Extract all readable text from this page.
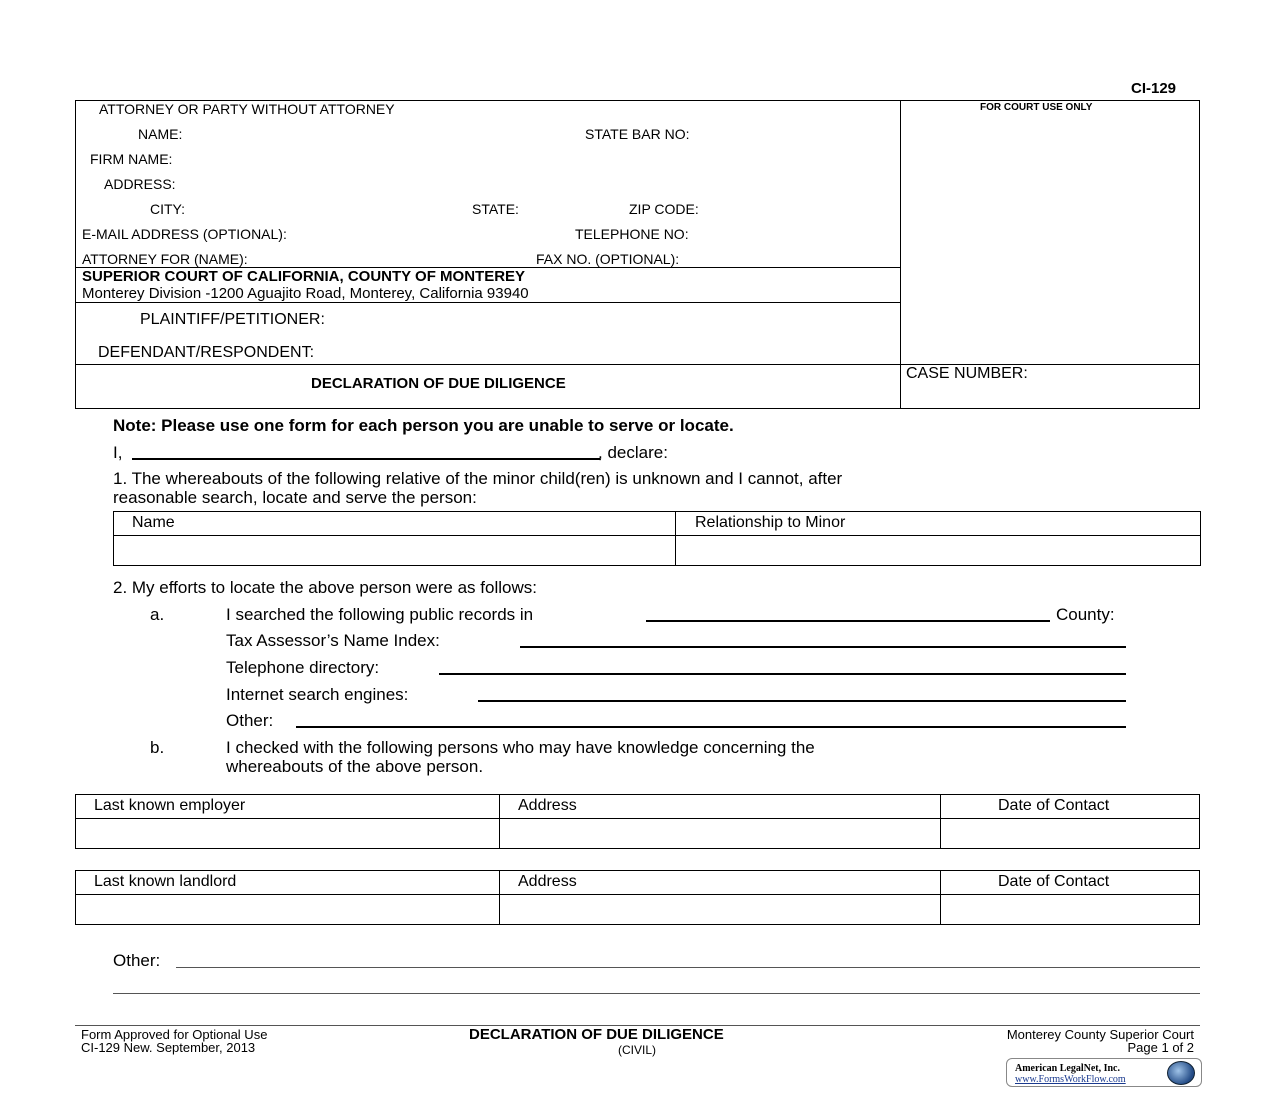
CI-129
FOR COURT USE ONLY
ATTORNEY OR PARTY WITHOUT ATTORNEY
NAME:	STATE BAR NO:
FIRM NAME:
ADDRESS:
CITY:	STATE:	ZIP CODE:
E-MAIL ADDRESS (OPTIONAL):	TELEPHONE NO:
ATTORNEY FOR (NAME):	FAX NO. (OPTIONAL):
SUPERIOR COURT OF CALIFORNIA, COUNTY OF MONTEREY
Monterey Division -1200 Aguajito Road, Monterey, California 93940
PLAINTIFF/PETITIONER:
DEFENDANT/RESPONDENT:
DECLARATION OF DUE DILIGENCE
CASE NUMBER:
Note: Please use one form for each person you are unable to serve or locate.
I,	, declare:
1. The whereabouts of the following relative of the minor child(ren) is unknown and I cannot, after
reasonable search, locate and serve the person:
Name	Relationship to Minor
2. My efforts to locate the above person were as follows:
a.	I searched the following public records in	County:
Tax Assessor’s Name Index:
Telephone directory:
Internet search engines:
Other:
b.	I checked with the following persons who may have knowledge concerning the
whereabouts of the above person.
Last known employer	Address	Date of Contact
Last known landlord	Address	Date of Contact
Other:
Form Approved for Optional Use
CI-129 New. September, 2013
DECLARATION OF DUE DILIGENCE
(CIVIL)
Monterey County Superior Court
Page 1 of 2
American LegalNet, Inc.
www.FormsWorkFlow.com
